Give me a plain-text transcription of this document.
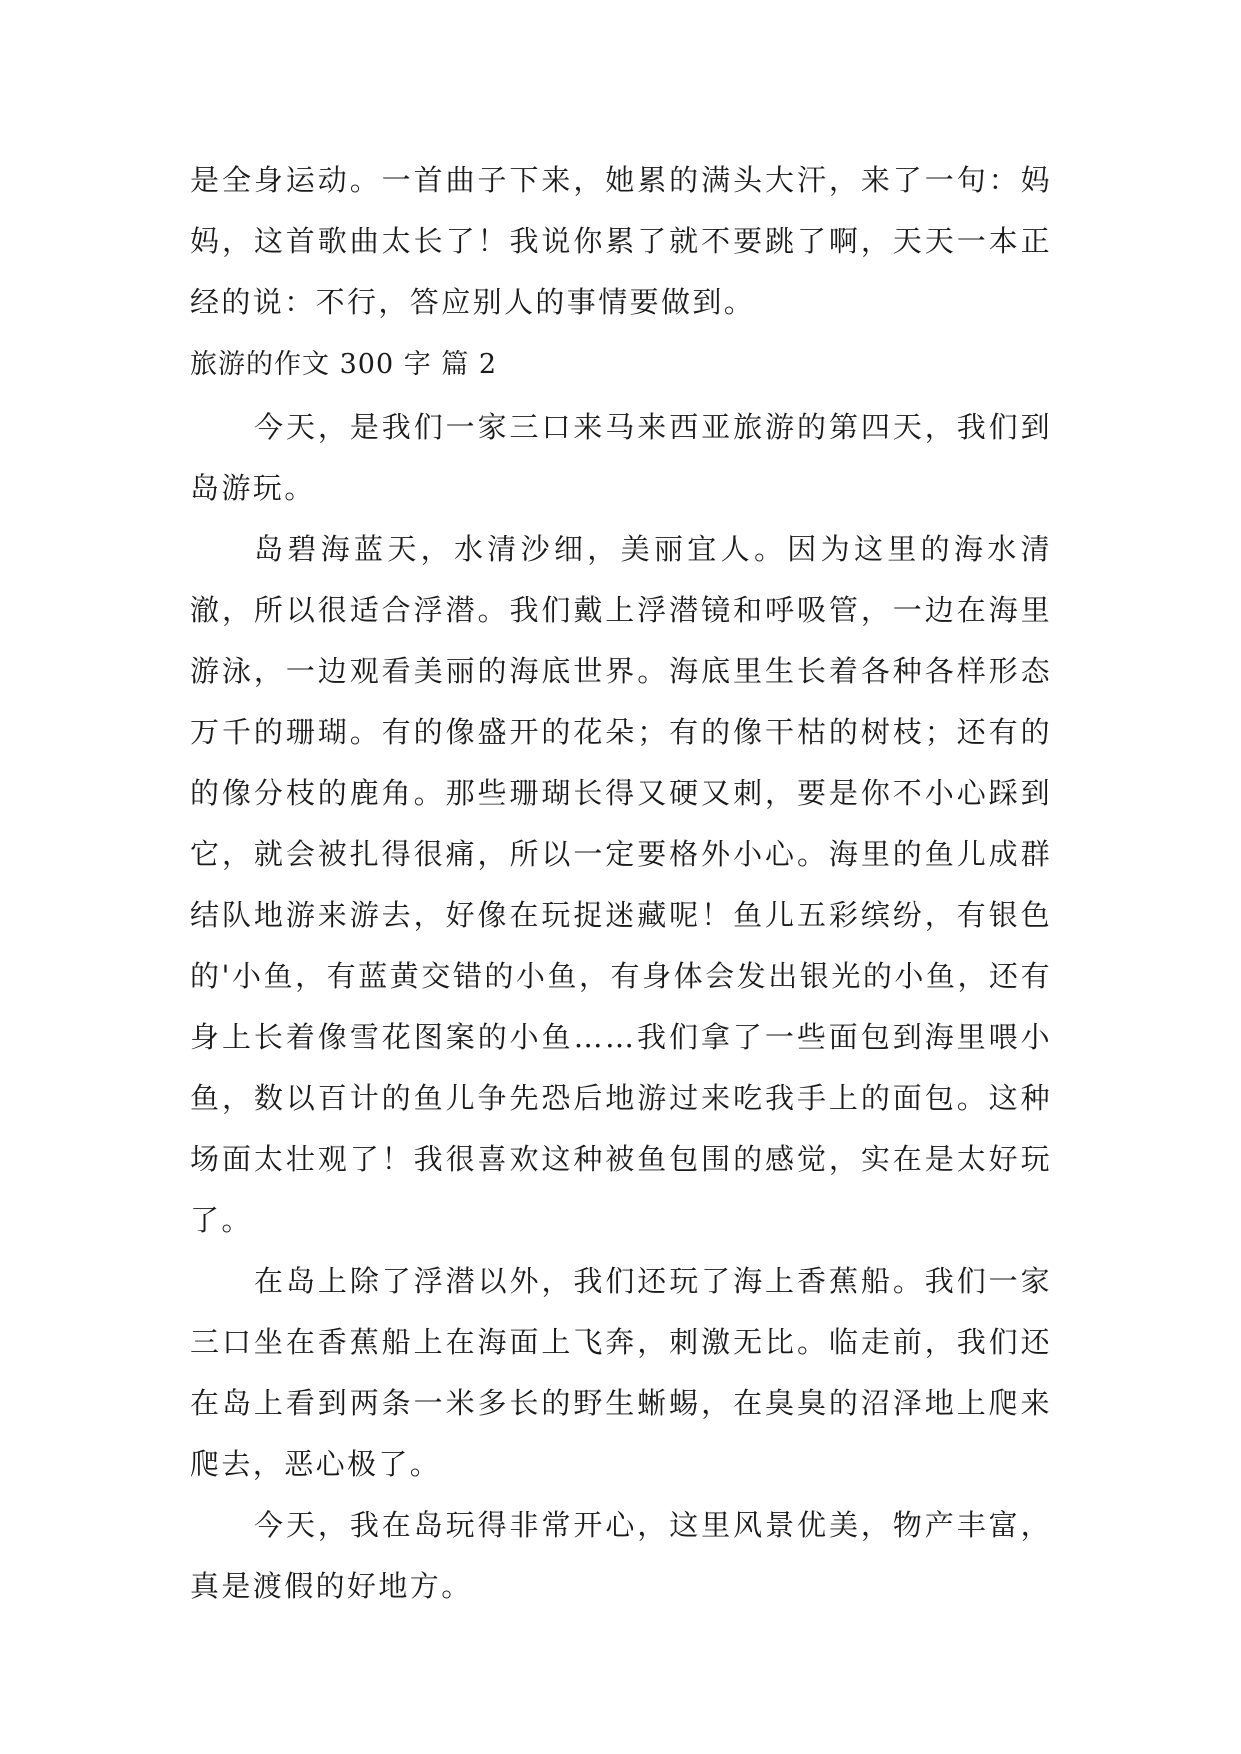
是全身运动。一首曲子下来，她累的满头大汗，来了一句：妈妈，这首歌曲太长了！我说你累了就不要跳了啊，天天一本正经的说：不行，答应别人的事情要做到。

旅游的作文 300 字 篇 2

今天，是我们一家三口来马来西亚旅游的第四天，我们到岛游玩。

岛碧海蓝天，水清沙细，美丽宜人。因为这里的海水清澈，所以很适合浮潜。我们戴上浮潜镜和呼吸管，一边在海里游泳，一边观看美丽的海底世界。海底里生长着各种各样形态万千的珊瑚。有的像盛开的花朵；有的像干枯的树枝；还有的的像分枝的鹿角。那些珊瑚长得又硬又刺，要是你不小心踩到它，就会被扎得很痛，所以一定要格外小心。海里的鱼儿成群结队地游来游去，好像在玩捉迷藏呢！鱼儿五彩缤纷，有银色的'小鱼，有蓝黄交错的小鱼，有身体会发出银光的小鱼，还有身上长着像雪花图案的小鱼……我们拿了一些面包到海里喂小鱼，数以百计的鱼儿争先恐后地游过来吃我手上的面包。这种场面太壮观了！我很喜欢这种被鱼包围的感觉，实在是太好玩了。

在岛上除了浮潜以外，我们还玩了海上香蕉船。我们一家三口坐在香蕉船上在海面上飞奔，刺激无比。临走前，我们还在岛上看到两条一米多长的野生蜥蜴，在臭臭的沼泽地上爬来爬去，恶心极了。

今天，我在岛玩得非常开心，这里风景优美，物产丰富，真是渡假的好地方。
